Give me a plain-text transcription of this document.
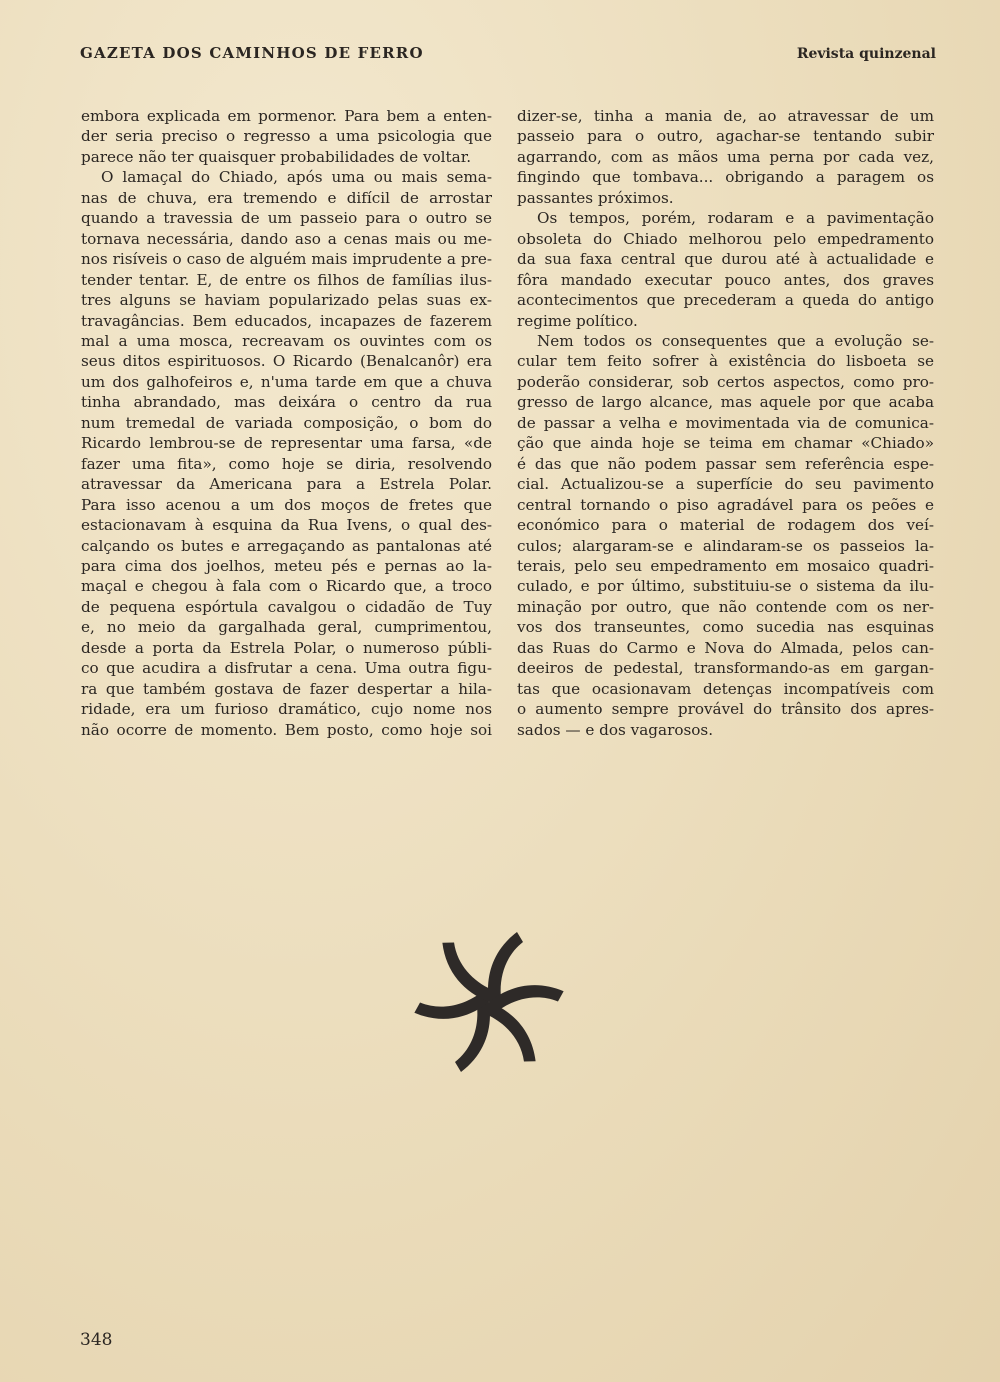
GAZETA DOS CAMINHOS DE FERRO	Revista quinzenal
embora explicada em pormenor. Para bem a enten-
der seria preciso o regresso a uma psicologia que
parece não ter quaisquer probabilidades de voltar.
O lamaçal do Chiado, após uma ou mais sema-
nas de chuva, era tremendo e difícil de arrostar
quando a travessia de um passeio para o outro se
tornava necessária, dando aso a cenas mais ou me-
nos risíveis o caso de alguém mais imprudente a pre-
tender tentar. E, de entre os filhos de famílias ilus-
tres alguns se haviam popularizado pelas suas ex-
travagâncias. Bem educados, incapazes de fazerem
mal a uma mosca, recreavam os ouvintes com os
seus ditos espirituosos. O Ricardo (Benalcanôr) era
um dos galhofeiros e, n'uma tarde em que a chuva
tinha abrandado, mas deixára o centro da rua
num tremedal de variada composição, o bom do
Ricardo lembrou-se de representar uma farsa, «de
fazer uma fita», como hoje se diria, resolvendo
atravessar da Americana para a Estrela Polar.
Para isso acenou a um dos moços de fretes que
estacionavam à esquina da Rua Ivens, o qual des-
calçando os butes e arregaçando as pantalonas até
para cima dos joelhos, meteu pés e pernas ao la-
maçal e chegou à fala com o Ricardo que, a troco
de pequena espórtula cavalgou o cidadão de Tuy
e, no meio da gargalhada geral, cumprimentou,
desde a porta da Estrela Polar, o numeroso públi-
co que acudira a disfrutar a cena. Uma outra figu-
ra que também gostava de fazer despertar a hila-
ridade, era um furioso dramático, cujo nome nos
não ocorre de momento. Bem posto, como hoje soi
dizer-se, tinha a mania de, ao atravessar de um
passeio para o outro, agachar-se tentando subir
agarrando, com as mãos uma perna por cada vez,
fingindo que tombava... obrigando a paragem os
passantes próximos.
Os tempos, porém, rodaram e a pavimentação
obsoleta do Chiado melhorou pelo empedramento
da sua faxa central que durou até à actualidade e
fôra mandado executar pouco antes, dos graves
acontecimentos que precederam a queda do antigo
regime político.
Nem todos os consequentes que a evolução se-
cular tem feito sofrer à existência do lisboeta se
poderão considerar, sob certos aspectos, como pro-
gresso de largo alcance, mas aquele por que acaba
de passar a velha e movimentada via de comunica-
ção que ainda hoje se teima em chamar «Chiado»
é das que não podem passar sem referência espe-
cial. Actualizou-se a superfície do seu pavimento
central tornando o piso agradável para os peões e
económico para o material de rodagem dos veí-
culos; alargaram-se e alindaram-se os passeios la-
terais, pelo seu empedramento em mosaico quadri-
culado, e por último, substituiu-se o sistema da ilu-
minação por outro, que não contende com os ner-
vos dos transeuntes, como sucedia nas esquinas
das Ruas do Carmo e Nova do Almada, pelos can-
deeiros de pedestal, transformando-as em gargan-
tas que ocasionavam detenças incompatíveis com
o aumento sempre provável do trânsito dos apres-
sados — e dos vagarosos.
348
